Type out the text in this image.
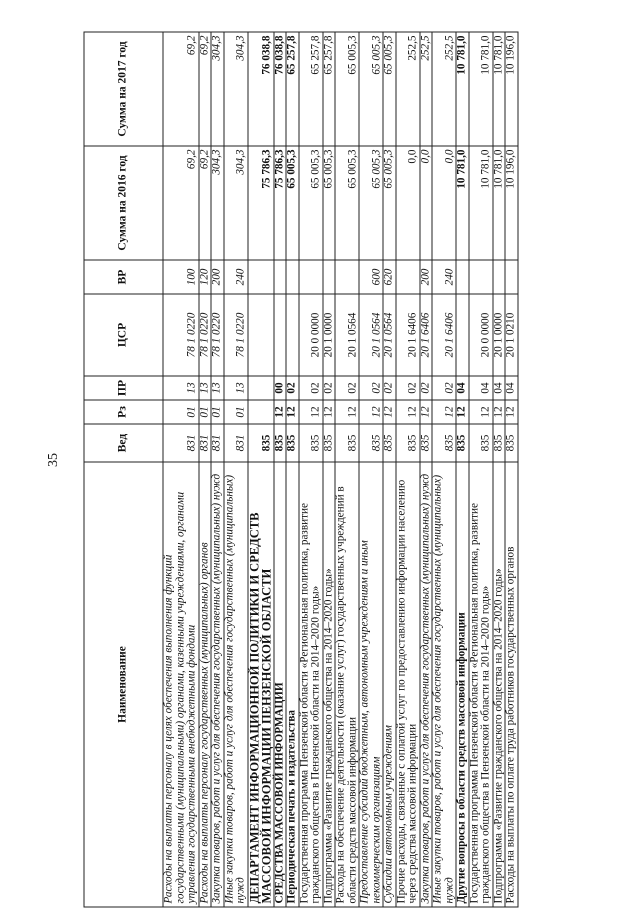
35
Наименование	Вед	Рз	ПР	ЦСР	ВР	Сумма на 2016 год	Сумма на 2017 год
Расходы на выплаты персоналу в целях обеспечения выполнения функций государственными (муниципальными) органами, казенными учреждениями, органами управления государственными внебюджетными фондами	831	01	13	78 1 0220	100	69,2	69,2
Расходы на выплаты персоналу государственных (муниципальных) органов	831	01	13	78 1 0220	120	69,2	69,2
Закупка товаров, работ и услуг для обеспечения государственных (муниципальных) нужд	831	01	13	78 1 0220	200	304,3	304,3
Иные закупки товаров, работ и услуг для обеспечения государственных (муниципальных) нужд	831	01	13	78 1 0220	240	304,3	304,3
ДЕПАРТАМЕНТ ИНФОРМАЦИОННОЙ ПОЛИТИКИ И СРЕДСТВ МАССОВОЙ ИНФОРМАЦИИ ПЕНЗЕНСКОЙ ОБЛАСТИ	835					75 786,3	76 038,8
СРЕДСТВА МАССОВОЙ ИНФОРМАЦИИ	835	12	00			75 786,3	76 038,8
Периодическая печать и издательства	835	12	02			65 005,3	65 257,8
Государственная программа Пензенской области «Региональная политика, развитие гражданского общества в Пензенской области на 2014–2020 годы»	835	12	02	20 0 0000		65 005,3	65 257,8
Подпрограмма «Развитие гражданского общества на 2014–2020 годы»	835	12	02	20 1 0000		65 005,3	65 257,8
Расходы на обеспечение деятельности (оказание услуг) государственных учреждений в области средств массовой информации	835	12	02	20 1 0564		65 005,3	65 005,3
Предоставление субсидий бюджетным, автономным учреждениям и иным некоммерческим организациям	835	12	02	20 1 0564	600	65 005,3	65 005,3
Субсидии автономным учреждениям	835	12	02	20 1 0564	620	65 005,3	65 005,3
Прочие расходы, связанные с оплатой услуг по предоставлению информации населению через средства массовой информации	835	12	02	20 1 6406		0,0	252,5
Закупка товаров, работ и услуг для обеспечения государственных (муниципальных) нужд	835	12	02	20 1 6406	200	0,0	252,5
Иные закупки товаров, работ и услуг для обеспечения государственных (муниципальных) нужд	835	12	02	20 1 6406	240	0,0	252,5
Другие вопросы в области средств массовой информации	835	12	04			10 781,0	10 781,0
Государственная программа Пензенской области «Региональная политика, развитие гражданского общества в Пензенской области на 2014–2020 годы»	835	12	04	20 0 0000		10 781,0	10 781,0
Подпрограмма «Развитие гражданского общества на 2014–2020 годы»	835	12	04	20 1 0000		10 781,0	10 781,0
Расходы на выплаты по оплате труда работников государственных органов	835	12	04	20 1 0210		10 196,0	10 196,0
